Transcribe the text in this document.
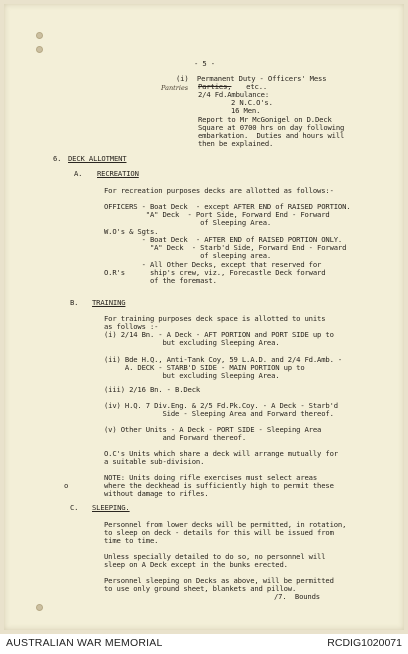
- 5 -
(i)  Permanent Duty - Officers' Mess
Pantries Parties, etc..
2/4 Fd.Ambulance:
2 N.C.O's.
16 Men.
Report to Mr McGonigel on D.Deck
Square at 0700 hrs on day following
embarkation.  Duties and hours will
then be explained.
6. DECK ALLOTMENT
A. RECREATION
For recreation purposes decks are allotted as follows:-
OFFICERS - Boat Deck  - except AFTER END of RAISED PORTION.
"A" Deck  - Port Side, Forward End - Forward
of Sleeping Area.
W.O's & Sgts.
- Boat Deck  - AFTER END of RAISED PORTION ONLY.
"A" Deck  - Starb'd Side, Forward End - Forward
of sleeping area.
- All Other Decks, except that reserved for
O.R's      ship's crew, viz., Forecastle Deck forward
of the foremast.
B. TRAINING
For training purposes deck space is allotted to units
as follows :-
(i) 2/14 Bn. - A Deck - AFT PORTION and PORT SIDE up to
but excluding Sleeping Area.
(ii) Bde H.Q., Anti-Tank Coy, 59 L.A.D. and 2/4 Fd.Amb. -
A. DECK - STARB'D SIDE - MAIN PORTION up to
but excluding Sleeping Area.
(iii) 2/16 Bn. - B.Deck
(iv) H.Q. 7 Div.Eng. & 2/5 Fd.Pk.Coy. - A Deck - Starb'd
Side - Sleeping Area and Forward thereof.
(v) Other Units - A Deck - PORT SIDE - Sleeping Area
and Forward thereof.
O.C's Units which share a deck will arrange mutually for
a suitable sub-division.
NOTE: Units doing rifle exercises must select areas
where the deckhead is sufficiently high to permit these
without damage to rifles.
o
C. SLEEPING.
Personnel from lower decks will be permitted, in rotation,
to sleep on deck - details for this will be issued from
time to time.
Unless specially detailed to do so, no personnel will
sleep on A Deck except in the bunks erected.
Personnel sleeping on Decks as above, will be permitted
to use only ground sheet, blankets and pillow.
/7.  Bounds
AUSTRALIAN WAR MEMORIAL	RCDIG1020071
